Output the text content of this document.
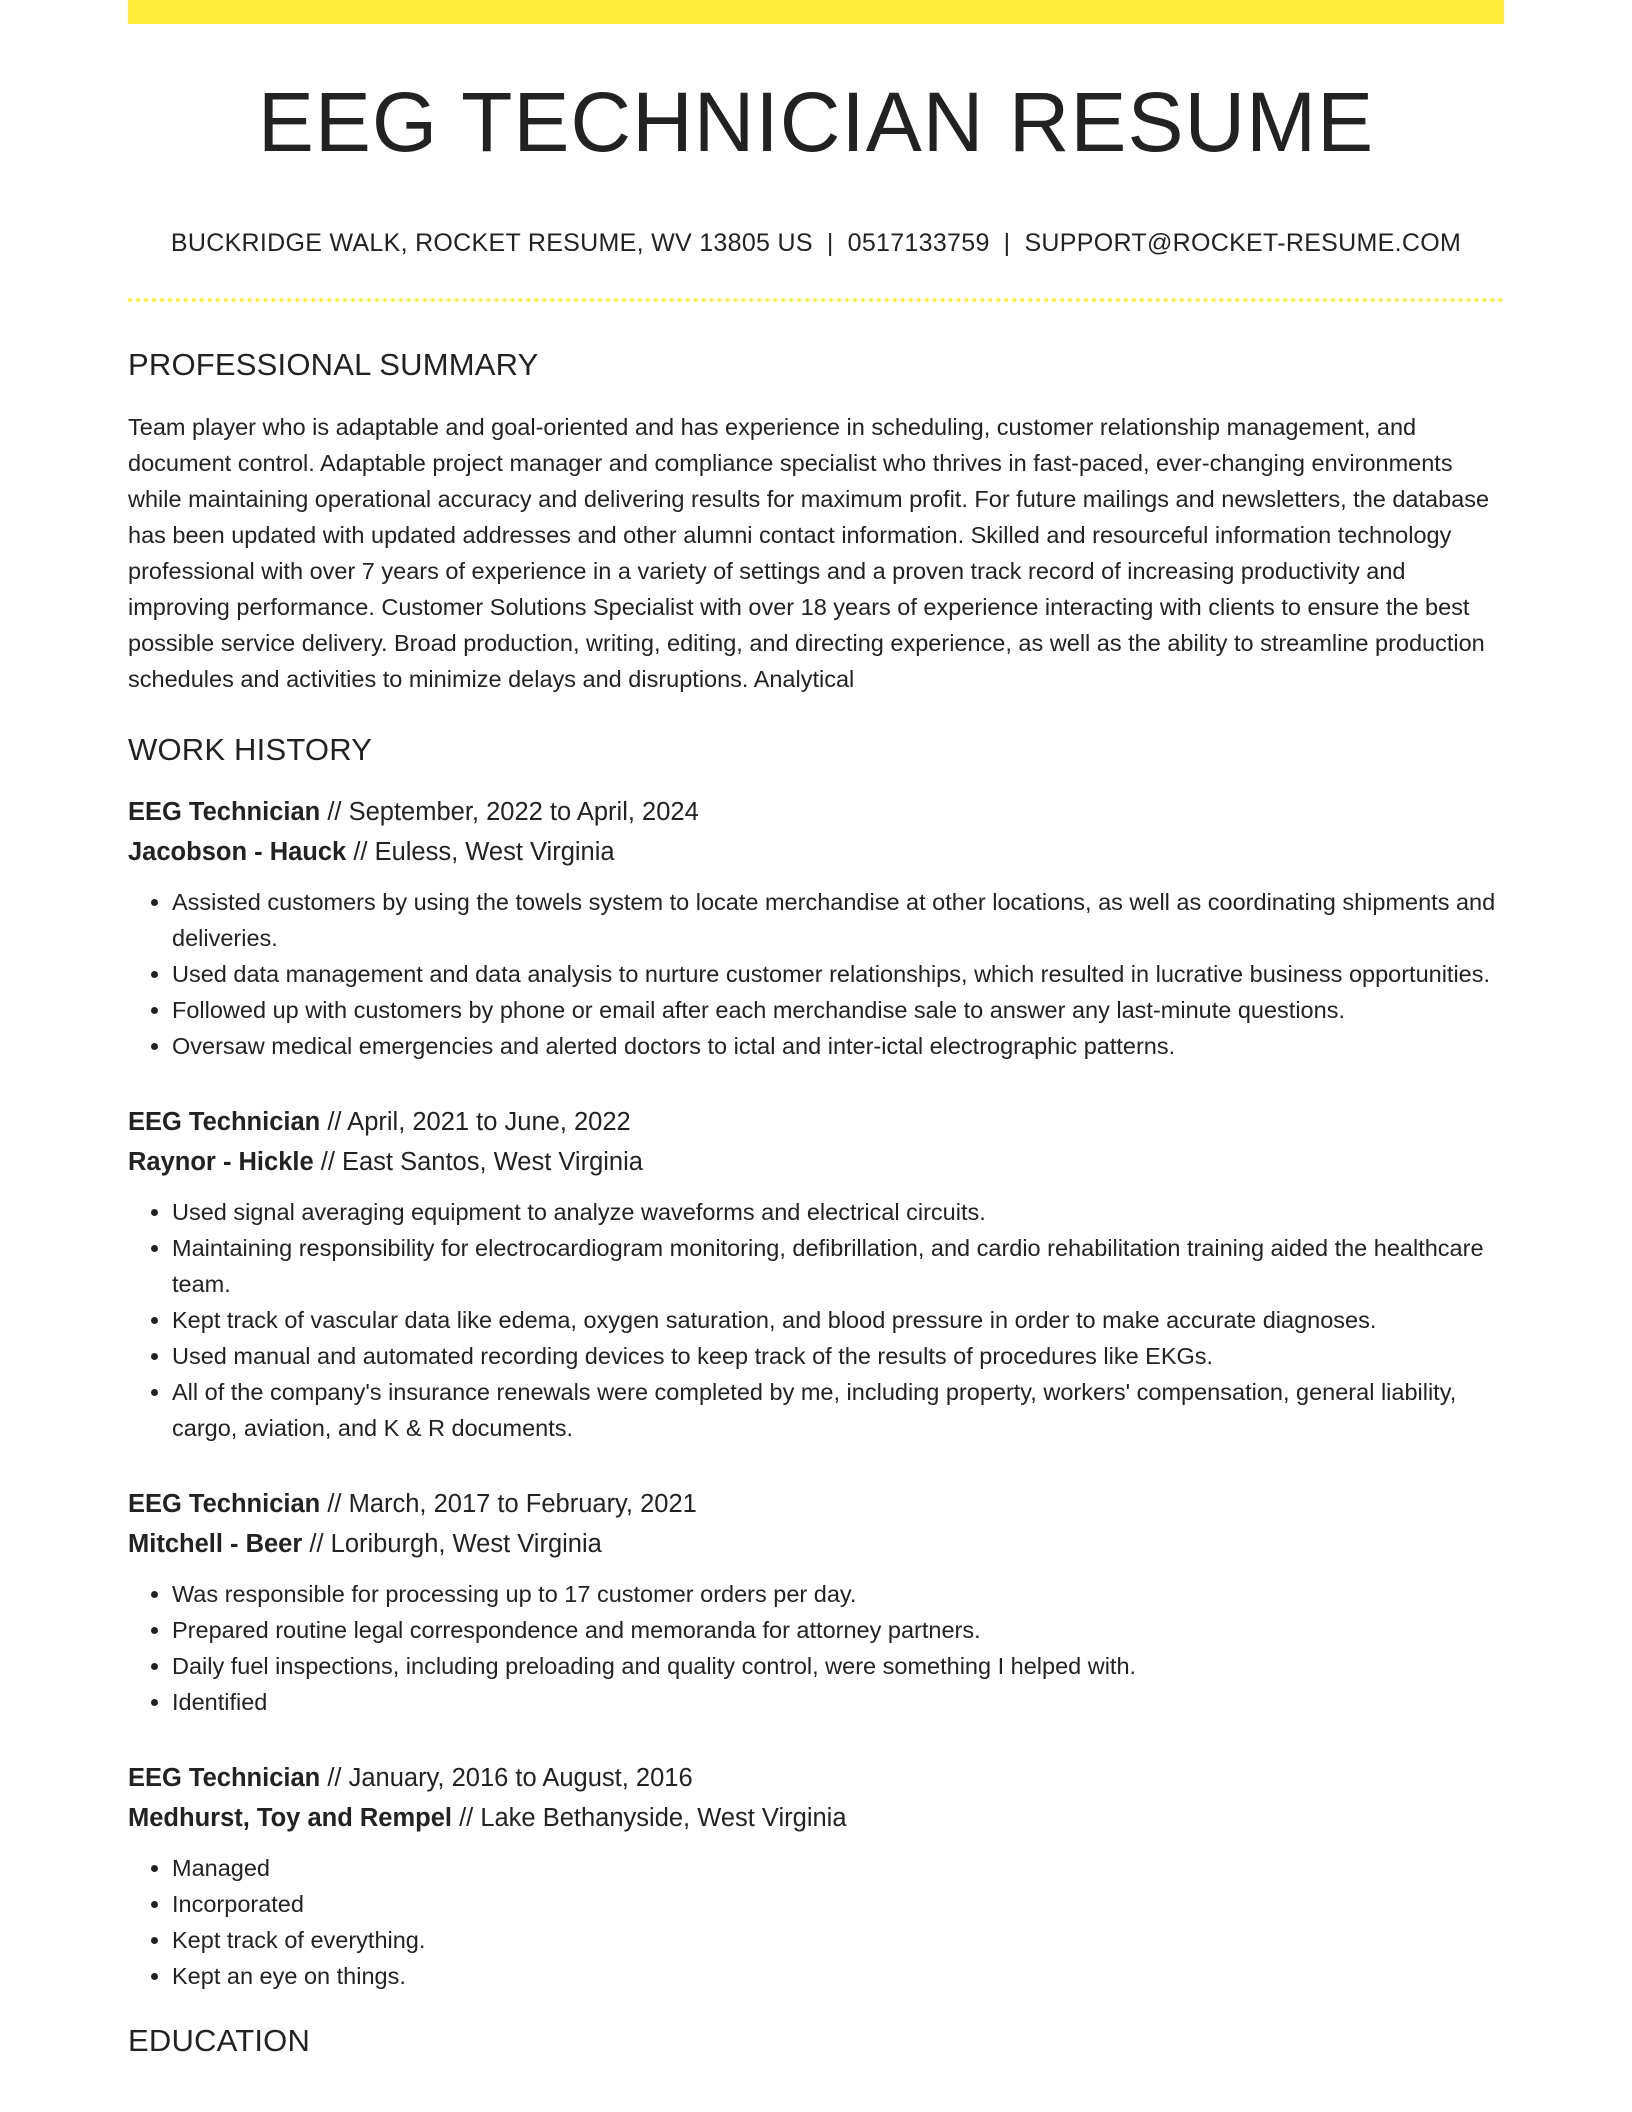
EEG TECHNICIAN RESUME
BUCKRIDGE WALK, ROCKET RESUME, WV 13805 US | 0517133759 | SUPPORT@ROCKET-RESUME.COM
PROFESSIONAL SUMMARY

Team player who is adaptable and goal-oriented and has experience in scheduling, customer relationship management, and document control. Adaptable project manager and compliance specialist who thrives in fast-paced, ever-changing environments while maintaining operational accuracy and delivering results for maximum profit. For future mailings and newsletters, the database has been updated with updated addresses and other alumni contact information. Skilled and resourceful information technology professional with over 7 years of experience in a variety of settings and a proven track record of increasing productivity and improving performance. Customer Solutions Specialist with over 18 years of experience interacting with clients to ensure the best possible service delivery. Broad production, writing, editing, and directing experience, as well as the ability to streamline production schedules and activities to minimize delays and disruptions. Analytical

WORK HISTORY
EEG Technician // September, 2022 to April, 2024
Jacobson - Hauck // Euless, West Virginia
• Assisted customers by using the towels system to locate merchandise at other locations, as well as coordinating shipments and deliveries.
• Used data management and data analysis to nurture customer relationships, which resulted in lucrative business opportunities.
• Followed up with customers by phone or email after each merchandise sale to answer any last-minute questions.
• Oversaw medical emergencies and alerted doctors to ictal and inter-ictal electrographic patterns.
EEG Technician // April, 2021 to June, 2022
Raynor - Hickle // East Santos, West Virginia
• Used signal averaging equipment to analyze waveforms and electrical circuits.
• Maintaining responsibility for electrocardiogram monitoring, defibrillation, and cardio rehabilitation training aided the healthcare team.
• Kept track of vascular data like edema, oxygen saturation, and blood pressure in order to make accurate diagnoses.
• Used manual and automated recording devices to keep track of the results of procedures like EKGs.
• All of the company's insurance renewals were completed by me, including property, workers' compensation, general liability, cargo, aviation, and K & R documents.
EEG Technician // March, 2017 to February, 2021
Mitchell - Beer // Loriburgh, West Virginia
• Was responsible for processing up to 17 customer orders per day.
• Prepared routine legal correspondence and memoranda for attorney partners.
• Daily fuel inspections, including preloading and quality control, were something I helped with.
• Identified
EEG Technician // January, 2016 to August, 2016
Medhurst, Toy and Rempel // Lake Bethanyside, West Virginia
• Managed
• Incorporated
• Kept track of everything.
• Kept an eye on things.
EDUCATION
